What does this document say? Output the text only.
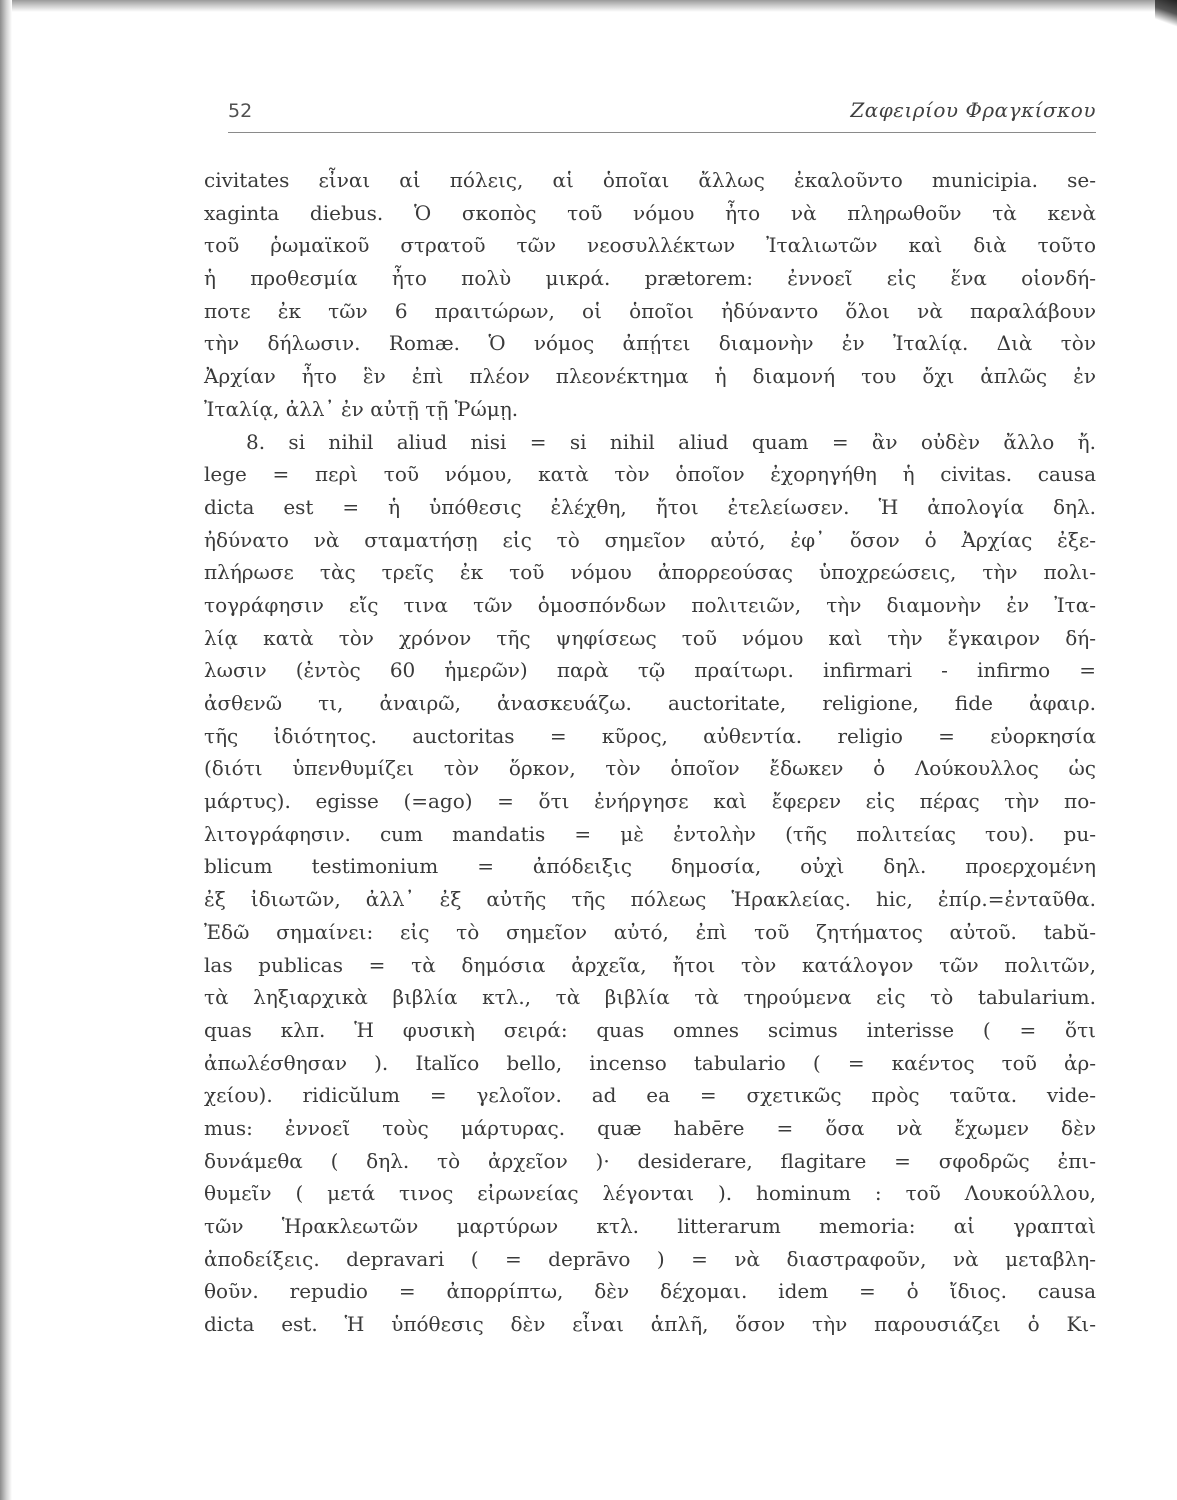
52	Ζαφειρίου Φραγκίσκου
civitates εἶναι αἱ πόλεις, αἱ ὁποῖαι ἄλλως ἐκαλοῦντο municipia. se-
xaginta diebus. Ὁ σκοπὸς τοῦ νόμου ἦτο νὰ πληρωθοῦν τὰ κενὰ
τοῦ ῥωμαϊκοῦ στρατοῦ τῶν νεοσυλλέκτων Ἰταλιωτῶν καὶ διὰ τοῦτο
ἡ προθεσμία ἦτο πολὺ μικρά. prætorem: ἐννοεῖ εἰς ἕνα οἱονδή-
ποτε ἐκ τῶν 6 πραιτώρων, οἱ ὁποῖοι ἠδύναντο ὅλοι νὰ παραλάβουν
τὴν δήλωσιν. Romæ. Ὁ νόμος ἀπῄτει διαμονὴν ἐν Ἰταλίᾳ. Διὰ τὸν
Ἀρχίαν ἦτο ἓν ἐπὶ πλέον πλεονέκτημα ἡ διαμονή του ὄχι ἁπλῶς ἐν
Ἰταλίᾳ, ἀλλ᾽ ἐν αὐτῇ τῇ Ῥώμῃ.
8. si nihil aliud nisi = si nihil aliud quam = ἂν οὐδὲν ἄλλο ἤ.
lege = περὶ τοῦ νόμου, κατὰ τὸν ὁποῖον ἐχορηγήθη ἡ civitas. causa
dicta est = ἡ ὑπόθεσις ἐλέχθη, ἤτοι ἐτελείωσεν. Ἡ ἀπολογία δηλ.
ἠδύνατο νὰ σταματήσῃ εἰς τὸ σημεῖον αὐτό, ἐφ᾽ ὅσον ὁ Ἀρχίας ἐξε-
πλήρωσε τὰς τρεῖς ἐκ τοῦ νόμου ἀπορρεούσας ὑποχρεώσεις, τὴν πολι-
τογράφησιν εἴς τινα τῶν ὁμοσπόνδων πολιτειῶν, τὴν διαμονὴν ἐν Ἰτα-
λίᾳ κατὰ τὸν χρόνον τῆς ψηφίσεως τοῦ νόμου καὶ τὴν ἔγκαιρον δή-
λωσιν (ἐντὸς 60 ἡμερῶν) παρὰ τῷ πραίτωρι. infirmari - infirmo =
ἀσθενῶ τι, ἀναιρῶ, ἀνασκευάζω. auctoritate, religione, fide ἀφαιρ.
τῆς ἰδιότητος. auctoritas = κῦρος, αὐθεντία. religio = εὐορκησία
(διότι ὑπενθυμίζει τὸν ὅρκον, τὸν ὁποῖον ἔδωκεν ὁ Λούκουλλος ὡς
μάρτυς). egisse (=ago) = ὅτι ἐνήργησε καὶ ἔφερεν εἰς πέρας τὴν πο-
λιτογράφησιν. cum mandatis = μὲ ἐντολὴν (τῆς πολιτείας του). pu-
blicum testimonium = ἀπόδειξις δημοσία, οὐχὶ δηλ. προερχομένη
ἐξ ἰδιωτῶν, ἀλλ᾽ ἐξ αὐτῆς τῆς πόλεως Ἡρακλείας. hic, ἐπίρ.=ἐνταῦθα.
Ἐδῶ σημαίνει: εἰς τὸ σημεῖον αὐτό, ἐπὶ τοῦ ζητήματος αὐτοῦ. tabŭ-
las publicas = τὰ δημόσια ἀρχεῖα, ἤτοι τὸν κατάλογον τῶν πολιτῶν,
τὰ ληξιαρχικὰ βιβλία κτλ., τὰ βιβλία τὰ τηρούμενα εἰς τὸ tabularium.
quas κλπ. Ἡ φυσικὴ σειρά: quas omnes scimus interisse ( = ὅτι
ἀπωλέσθησαν ). Italĭco bello, incenso tabulario ( = καέντος τοῦ ἀρ-
χείου). ridicŭlum = γελοῖον. ad ea = σχετικῶς πρὸς ταῦτα. vide-
mus: ἐννοεῖ τοὺς μάρτυρας. quæ habēre = ὅσα νὰ ἔχωμεν δὲν
δυνάμεθα ( δηλ. τὸ ἀρχεῖον )· desiderare, flagitare = σφοδρῶς ἐπι-
θυμεῖν ( μετά τινος εἰρωνείας λέγονται ). hominum : τοῦ Λουκούλλου,
τῶν Ἡρακλεωτῶν μαρτύρων κτλ. litterarum memoria: αἱ γραπταὶ
ἀποδείξεις. depravari ( = deprāvo ) = νὰ διαστραφοῦν, νὰ μεταβλη-
θοῦν. repudio = ἀπορρίπτω, δὲν δέχομαι. idem = ὁ ἴδιος. causa
dicta est. Ἡ ὑπόθεσις δὲν εἶναι ἁπλῆ, ὅσον τὴν παρουσιάζει ὁ Κι-
